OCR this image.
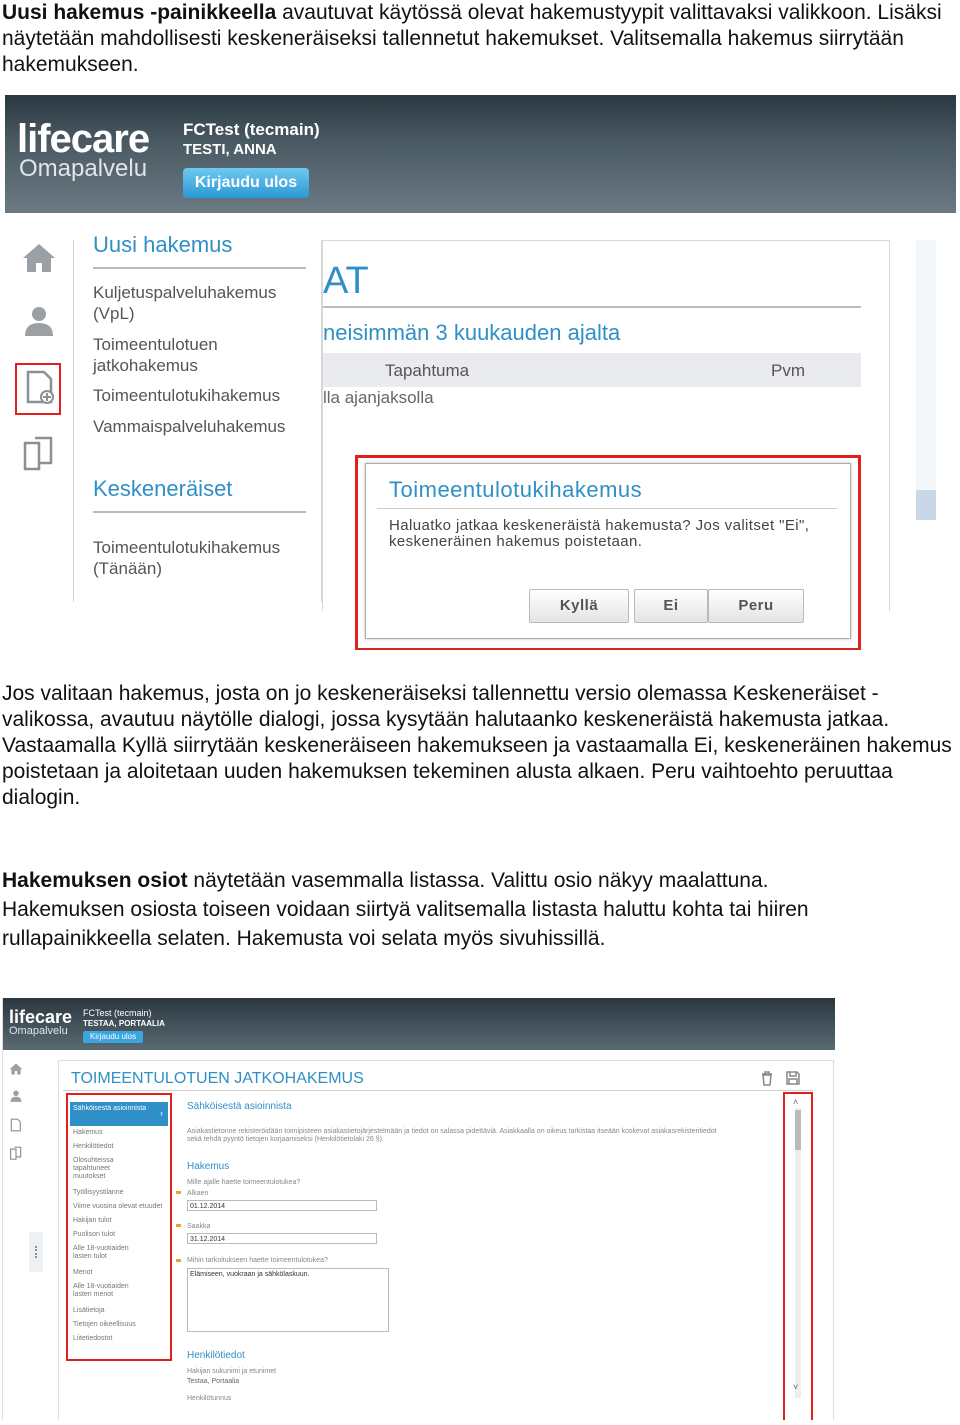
Uusi hakemus -painikkeella avautuvat käytössä olevat hakemustyypit valittavaksi valikkoon. Lisäksi näytetään mahdollisesti keskeneräiseksi tallennetut hakemukset. Valitsemalla hakemus siirrytään hakemukseen.

lifecare
Omapalvelu
FCTest (tecmain)
TESTI, ANNA
Kirjaudu ulos
Uusi hakemus
Kuljetuspalveluhakemus (VpL)
Toimeentulotuen jatkohakemus
Toimeentulotukihakemus
Vammaispalveluhakemus
Keskeneräiset
Toimeentulotukihakemus (Tänään)
AT
neisimmän 3 kuukauden ajalta
Tapahtuma	Pvm
lla ajanjaksolla
Toimeentulotukihakemus
Haluatko jatkaa keskeneräistä hakemusta? Jos valitset "Ei", keskeneräinen hakemus poistetaan.
Kyllä	Ei	Peru

Jos valitaan hakemus, josta on jo keskeneräiseksi tallennettu versio olemassa Keskeneräiset -valikossa, avautuu näytölle dialogi, jossa kysytään halutaanko keskeneräistä hakemusta jatkaa. Vastaamalla Kyllä siirrytään keskeneräiseen hakemukseen ja vastaamalla Ei, keskeneräinen hakemus poistetaan ja aloitetaan uuden hakemuksen tekeminen alusta alkaen. Peru vaihtoehto peruuttaa dialogin.

Hakemuksen osiot näytetään vasemmalla listassa. Valittu osio näkyy maalattuna.
Hakemuksen osiosta toiseen voidaan siirtyä valitsemalla listasta haluttu kohta tai hiiren rullapainikkeella selaten. Hakemusta voi selata myös sivuhissillä.

lifecare
Omapalvelu
FCTest (tecmain)
TESTAA, PORTAALIA
Kirjaudu ulos
TOIMEENTULOTUEN JATKOHAKEMUS
Sähköisestä asioinnista	›
Hakemus
Henkilötiedot
Olosuhteissa tapahtuneet muutokset
Työllisyystilanne
Viime vuosina olevat etuudet
Hakijan tulot
Puolison tulot
Alle 18-vuotiaiden lasten tulot
Menot
Alle 18-vuotiaiden lasten menot
Lisätietoja
Tietojen oikeellisuus
Liitetiedostot
Sähköisestä asioinnista
Asiakastietonne rekisteröidään toimipisteen asiakastietojärjestelmään ja tiedot on salassa pidettäviä. Asiakkaalla on oikeus tarkistaa itseään koskevat asiakasrekisteritiedot sekä tehdä pyyntö tietojen korjaamiseksi (Henkilötietolaki 26 §).
Hakemus
Mille ajalle haette toimeentulotukea?
Alkaen
01.12.2014
Saakka
31.12.2014
Mihin tarkoitukseen haette toimeentulotukea?
Elämiseen, vuokraan ja sähkölaskuun.
Henkilötiedot
Hakijan sukunimi ja etunimet
Testaa, Portaalia
Henkilötunnus
˄
˅
